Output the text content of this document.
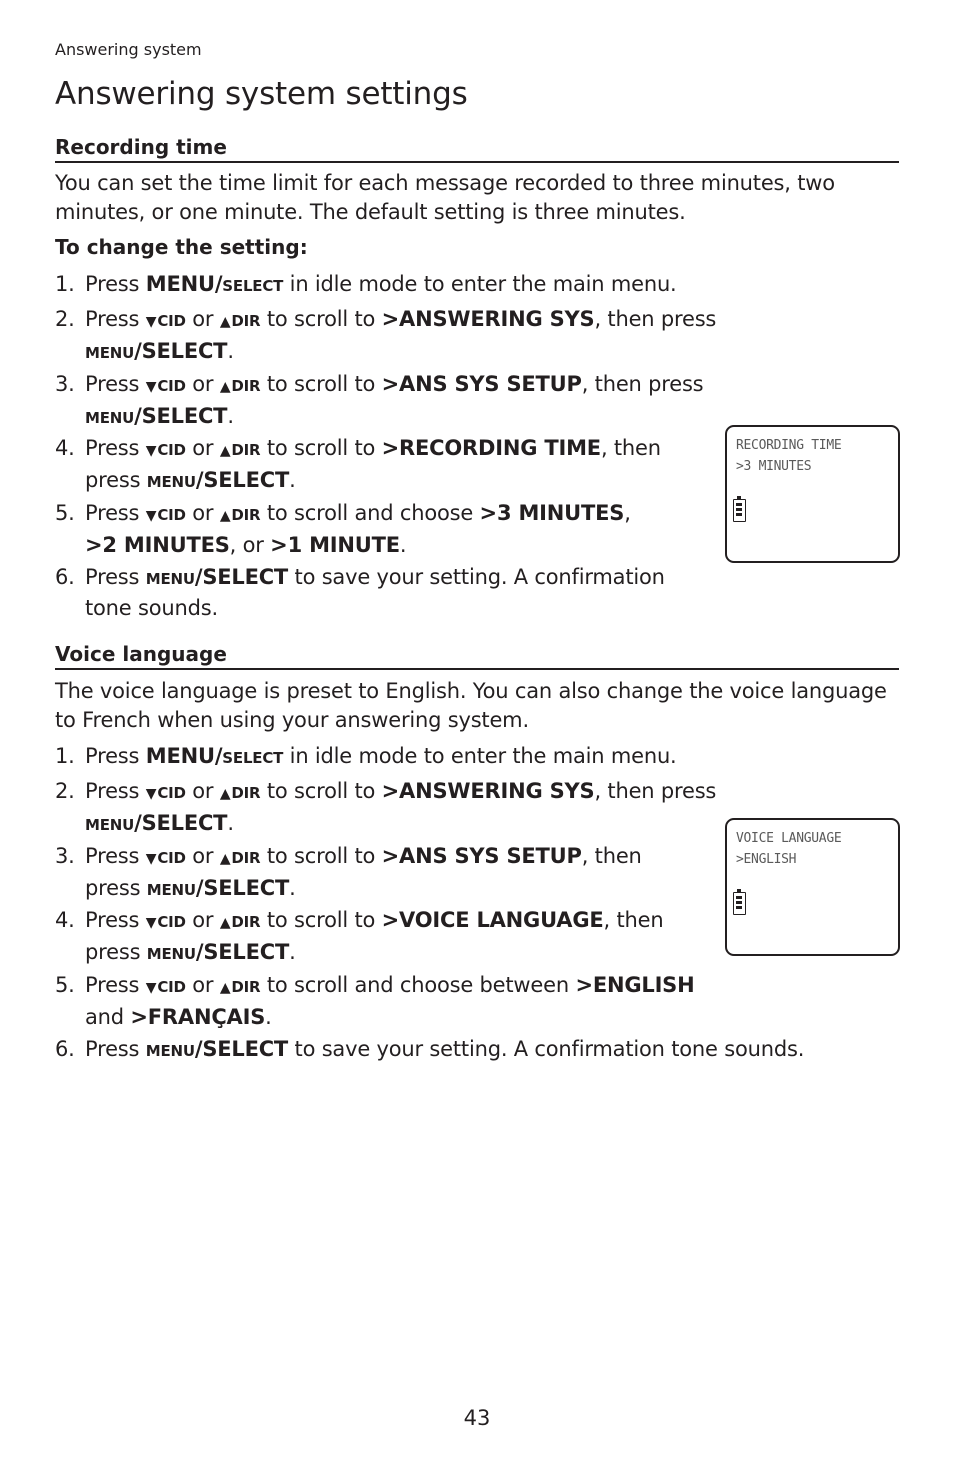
Answering system
Answering system settings
Recording time
You can set the time limit for each message recorded to three minutes, two minutes, or one minute. The default setting is three minutes.
To change the setting:
1. Press MENU/SELECT in idle mode to enter the main menu.
2. Press ▼CID or ▲DIR to scroll to >ANSWERING SYS, then press
MENU/SELECT.
3. Press ▼CID or ▲DIR to scroll to >ANS SYS SETUP, then press
MENU/SELECT.
4. Press ▼CID or ▲DIR to scroll to >RECORDING TIME, then
press MENU/SELECT.
5. Press ▼CID or ▲DIR to scroll and choose >3 MINUTES,
>2 MINUTES, or >1 MINUTE.
6. Press MENU/SELECT to save your setting. A confirmation
tone sounds.
RECORDING TIME
>3 MINUTES
Voice language
The voice language is preset to English. You can also change the voice language to French when using your answering system.
1. Press MENU/SELECT in idle mode to enter the main menu.
2. Press ▼CID or ▲DIR to scroll to >ANSWERING SYS, then press
MENU/SELECT.
3. Press ▼CID or ▲DIR to scroll to >ANS SYS SETUP, then
press MENU/SELECT.
4. Press ▼CID or ▲DIR to scroll to >VOICE LANGUAGE, then
press MENU/SELECT.
5. Press ▼CID or ▲DIR to scroll and choose between >ENGLISH
and >FRANÇAIS.
6. Press MENU/SELECT to save your setting. A confirmation tone sounds.
VOICE LANGUAGE
>ENGLISH
43
